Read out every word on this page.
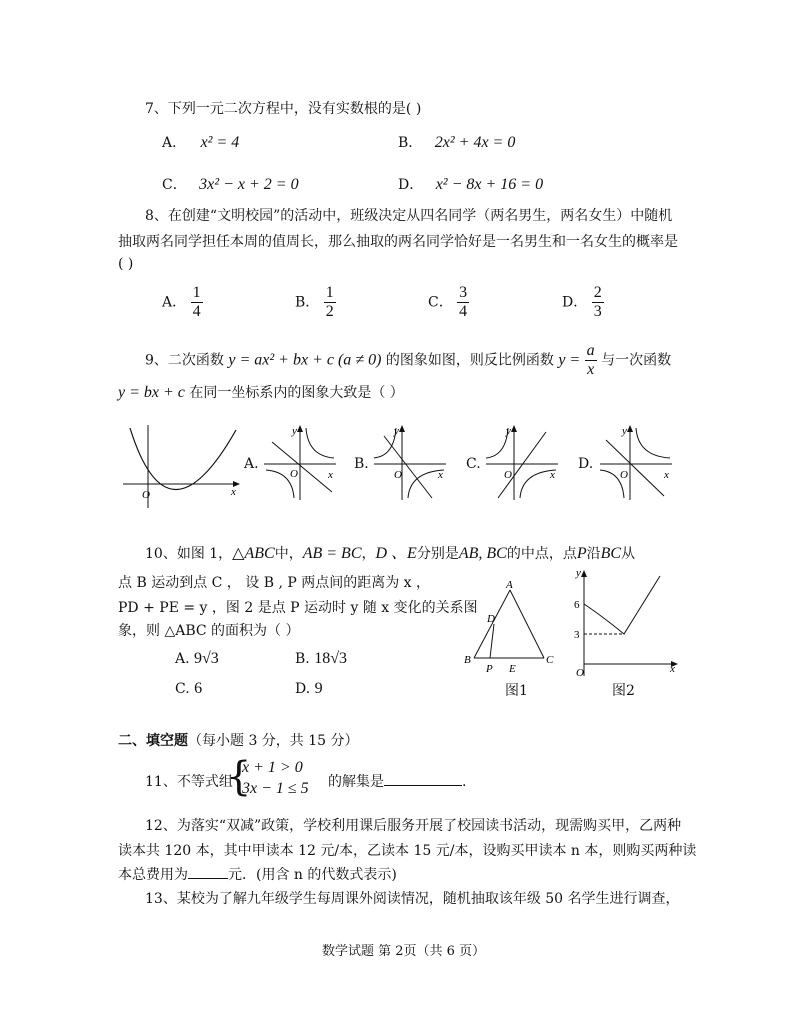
7、下列一元二次方程中，没有实数根的是( )
A． x² = 4	B． 2x² + 4x = 0
C． 3x² − x + 2 = 0	D． x² − 8x + 16 = 0
8、在创建“文明校园”的活动中，班级决定从四名同学（两名男生，两名女生）中随机
抽取两名同学担任本周的值周长，那么抽取的两名同学恰好是一名男生和一名女生的概率是
( )
A． $\frac{1}{4}$	B． $\frac{1}{2}$	C． $\frac{3}{4}$	D． $\frac{2}{3}$
9、二次函数 y = ax² + bx + c (a ≠ 0) 的图象如图，则反比例函数 $y = \frac{a}{x}$ 与一次函数
y = bx + c 在同一坐标系内的图象大致是（ ）
O	x
A.
y
O	x
B.
y
O	x
C.
y
O	x
D.
y
O	x
10、如图 1，△ABC中，AB = BC，D 、E分别是AB, BC的中点，点P沿BC从
点 B 运动到点 C ， 设 B , P 两点间的距离为 x ，
PD + PE = y ，图 2 是点 P 运动时 y 随 x 变化的关系图
象，则 △ABC 的面积为（ ）
A. 9√3	B. 18√3
C. 6	D. 9
A
B	C
D
P E
图1
y
6
3
O	x
图2
二、填空题（每小题 3 分，共 15 分）
11、不等式组
{
x + 1 > 0
3x − 1 ≤ 5 的解集是	.
12、为落实“双减”政策，学校利用课后服务开展了校园读书活动，现需购买甲，乙两种
读本共 120 本，其中甲读本 12 元/本，乙读本 15 元/本，设购买甲读本 n 本，则购买两种读
本总费用为	元．(用含 n 的代数式表示)
13、某校为了解九年级学生每周课外阅读情况，随机抽取该年级 50 名学生进行调查，
数学试题 第 2页（共 6 页）
